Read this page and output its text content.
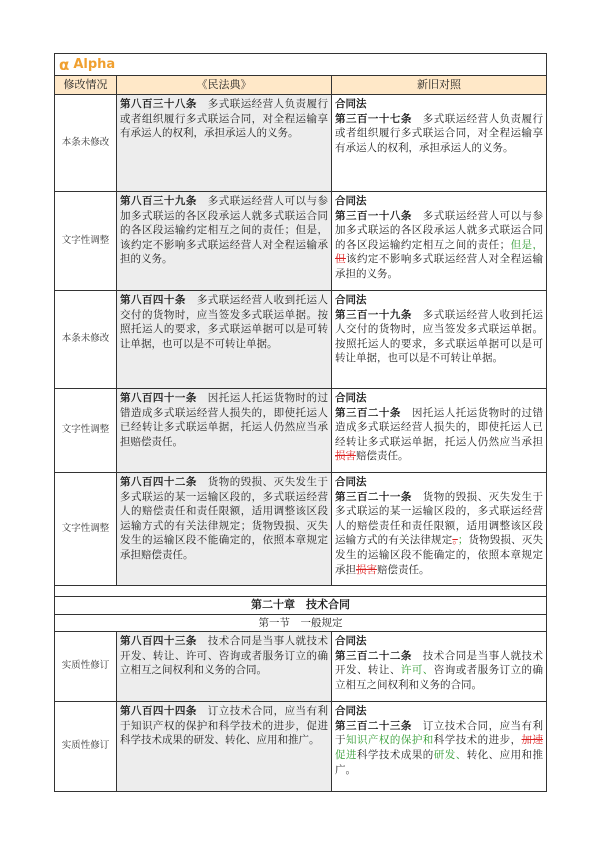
α Alpha
修改情况	《民法典》	新旧对照
本条未修改	第八百三十八条　多式联运经营人负责履行或者组织履行多式联运合同，对全程运输享有承运人的权利，承担承运人的义务。	合同法
第三百一十七条　多式联运经营人负责履行或者组织履行多式联运合同，对全程运输享有承运人的权利，承担承运人的义务。

文字性调整	第八百三十九条　多式联运经营人可以与参加多式联运的各区段承运人就多式联运合同的各区段运输约定相互之间的责任；但是，该约定不影响多式联运经营人对全程运输承担的义务。	合同法
第三百一十八条　多式联运经营人可以与参加多式联运的各区段承运人就多式联运合同的各区段运输约定相互之间的责任；但是，但该约定不影响多式联运经营人对全程运输承担的义务。

本条未修改	第八百四十条　多式联运经营人收到托运人交付的货物时，应当签发多式联运单据。按照托运人的要求，多式联运单据可以是可转让单据，也可以是不可转让单据。	合同法
第三百一十九条　多式联运经营人收到托运人交付的货物时，应当签发多式联运单据。按照托运人的要求，多式联运单据可以是可转让单据，也可以是不可转让单据。

文字性调整	第八百四十一条　因托运人托运货物时的过错造成多式联运经营人损失的，即使托运人已经转让多式联运单据，托运人仍然应当承担赔偿责任。	合同法
第三百二十条　因托运人托运货物时的过错造成多式联运经营人损失的，即使托运人已经转让多式联运单据，托运人仍然应当承担损害赔偿责任。

文字性调整	第八百四十二条　货物的毁损、灭失发生于多式联运的某一运输区段的，多式联运经营人的赔偿责任和责任限额，适用调整该区段运输方式的有关法律规定；货物毁损、灭失发生的运输区段不能确定的，依照本章规定承担赔偿责任。	合同法
第三百二十一条　货物的毁损、灭失发生于多式联运的某一运输区段的，多式联运经营人的赔偿责任和责任限额，适用调整该区段运输方式的有关法律规定。；货物毁损、灭失发生的运输区段不能确定的，依照本章规定承担损害赔偿责任。

第二十章　技术合同		
第一节　一般规定		
实质性修订	第八百四十三条　技术合同是当事人就技术开发、转让、许可、咨询或者服务订立的确立相互之间权利和义务的合同。	合同法
第三百二十二条　技术合同是当事人就技术开发、转让、许可、咨询或者服务订立的确立相互之间权利和义务的合同。

实质性修订	第八百四十四条　订立技术合同，应当有利于知识产权的保护和科学技术的进步，促进科学技术成果的研发、转化、应用和推广。	合同法
第三百二十三条　订立技术合同，应当有利于知识产权的保护和科学技术的进步，加速促进科学技术成果的研发、转化、应用和推广。
